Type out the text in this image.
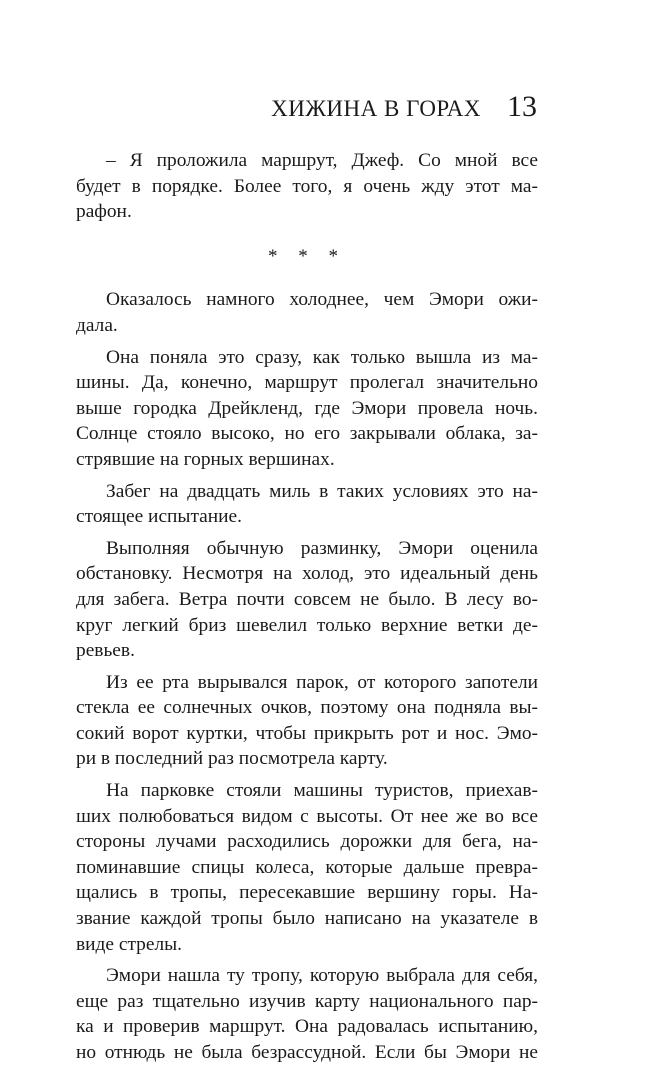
ХИЖИНА В ГОРАХ 13
– Я проложила маршрут, Джеф. Со мной все
будет в порядке. Более того, я очень жду этот ма-
рафон.
* * *
Оказалось намного холоднее, чем Эмори ожи-
дала.
Она поняла это сразу, как только вышла из ма-
шины. Да, конечно, маршрут пролегал значительно
выше городка Дрейкленд, где Эмори провела ночь.
Солнце стояло высоко, но его закрывали облака, за-
стрявшие на горных вершинах.
Забег на двадцать миль в таких условиях это на-
стоящее испытание.
Выполняя обычную разминку, Эмори оценила
обстановку. Несмотря на холод, это идеальный день
для забега. Ветра почти совсем не было. В лесу во-
круг легкий бриз шевелил только верхние ветки де-
ревьев.
Из ее рта вырывался парок, от которого запотели
стекла ее солнечных очков, поэтому она подняла вы-
сокий ворот куртки, чтобы прикрыть рот и нос. Эмо-
ри в последний раз посмотрела карту.
На парковке стояли машины туристов, приехав-
ших полюбоваться видом с высоты. От нее же во все
стороны лучами расходились дорожки для бега, на-
поминавшие спицы колеса, которые дальше превра-
щались в тропы, пересекавшие вершину горы. На-
звание каждой тропы было написано на указателе в
виде стрелы.
Эмори нашла ту тропу, которую выбрала для себя,
еще раз тщательно изучив карту национального пар-
ка и проверив маршрут. Она радовалась испытанию,
но отнюдь не была безрассудной. Если бы Эмори не
